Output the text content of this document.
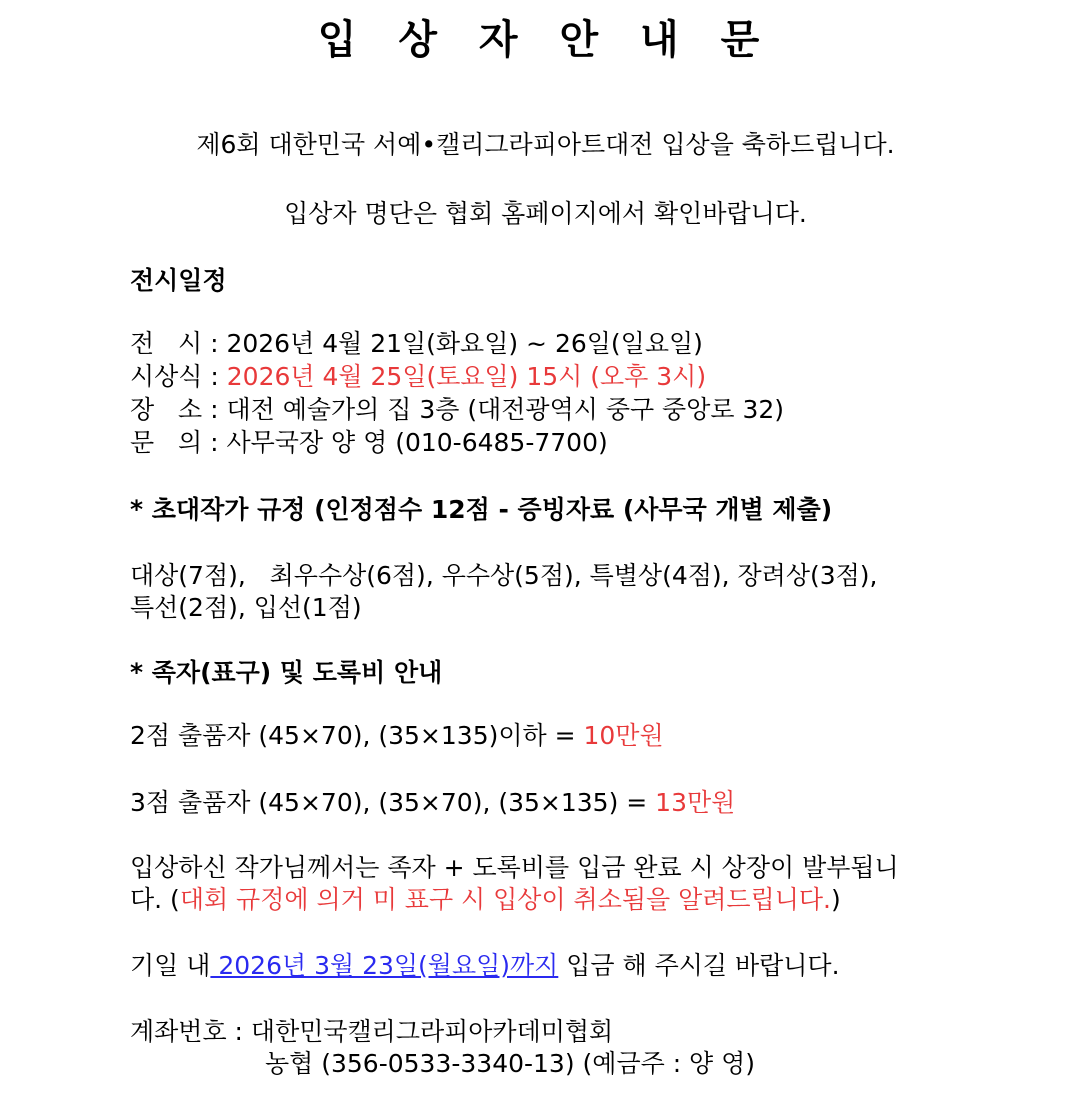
입 상 자 안 내 문
제6회 대한민국 서예•캘리그라피아트대전 입상을 축하드립니다.
입상자 명단은 협회 홈페이지에서 확인바랍니다.
전시일정
전   시 : 2026년 4월 21일(화요일) ~ 26일(일요일)
시상식 : 2026년 4월 25일(토요일) 15시 (오후 3시)
장   소 : 대전 예술가의 집 3층 (대전광역시 중구 중앙로 32)
문   의 : 사무국장 양 영 (010-6485-7700)
* 초대작가 규정 (인정점수 12점 - 증빙자료 (사무국 개별 제출)
대상(7점),   최우수상(6점), 우수상(5점), 특별상(4점), 장려상(3점),
특선(2점), 입선(1점)
* 족자(표구) 및 도록비 안내
2점 출품자 (45×70), (35×135)이하 = 10만원
3점 출품자 (45×70), (35×70), (35×135) = 13만원
입상하신 작가님께서는 족자 + 도록비를 입금 완료 시 상장이 발부됩니
다. (대회 규정에 의거 미 표구 시 입상이 취소됨을 알려드립니다.)
기일 내 2026년 3월 23일(월요일)까지 입금 해 주시길 바랍니다.
계좌번호 : 대한민국캘리그라피아카데미협회
농협 (356-0533-3340-13) (예금주 : 양 영)
